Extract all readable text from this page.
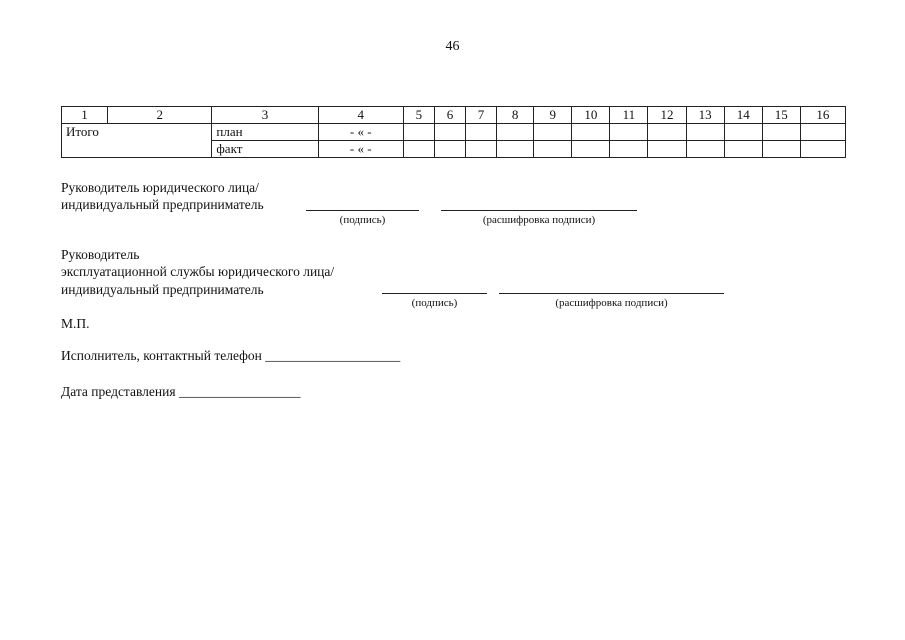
46
1	2	3	4	5	6	7	8	9	10	11	12	13	14	15	16
Итого		план	- « -												
		факт	- « -												
Руководитель юридического лица/
индивидуальный предприниматель
(подпись)	(расшифровка подписи)
Руководитель
эксплуатационной службы юридического лица/
индивидуальный предприниматель
(подпись)	(расшифровка подписи)
М.П.
Исполнитель, контактный телефон ____________________
Дата представления __________________
